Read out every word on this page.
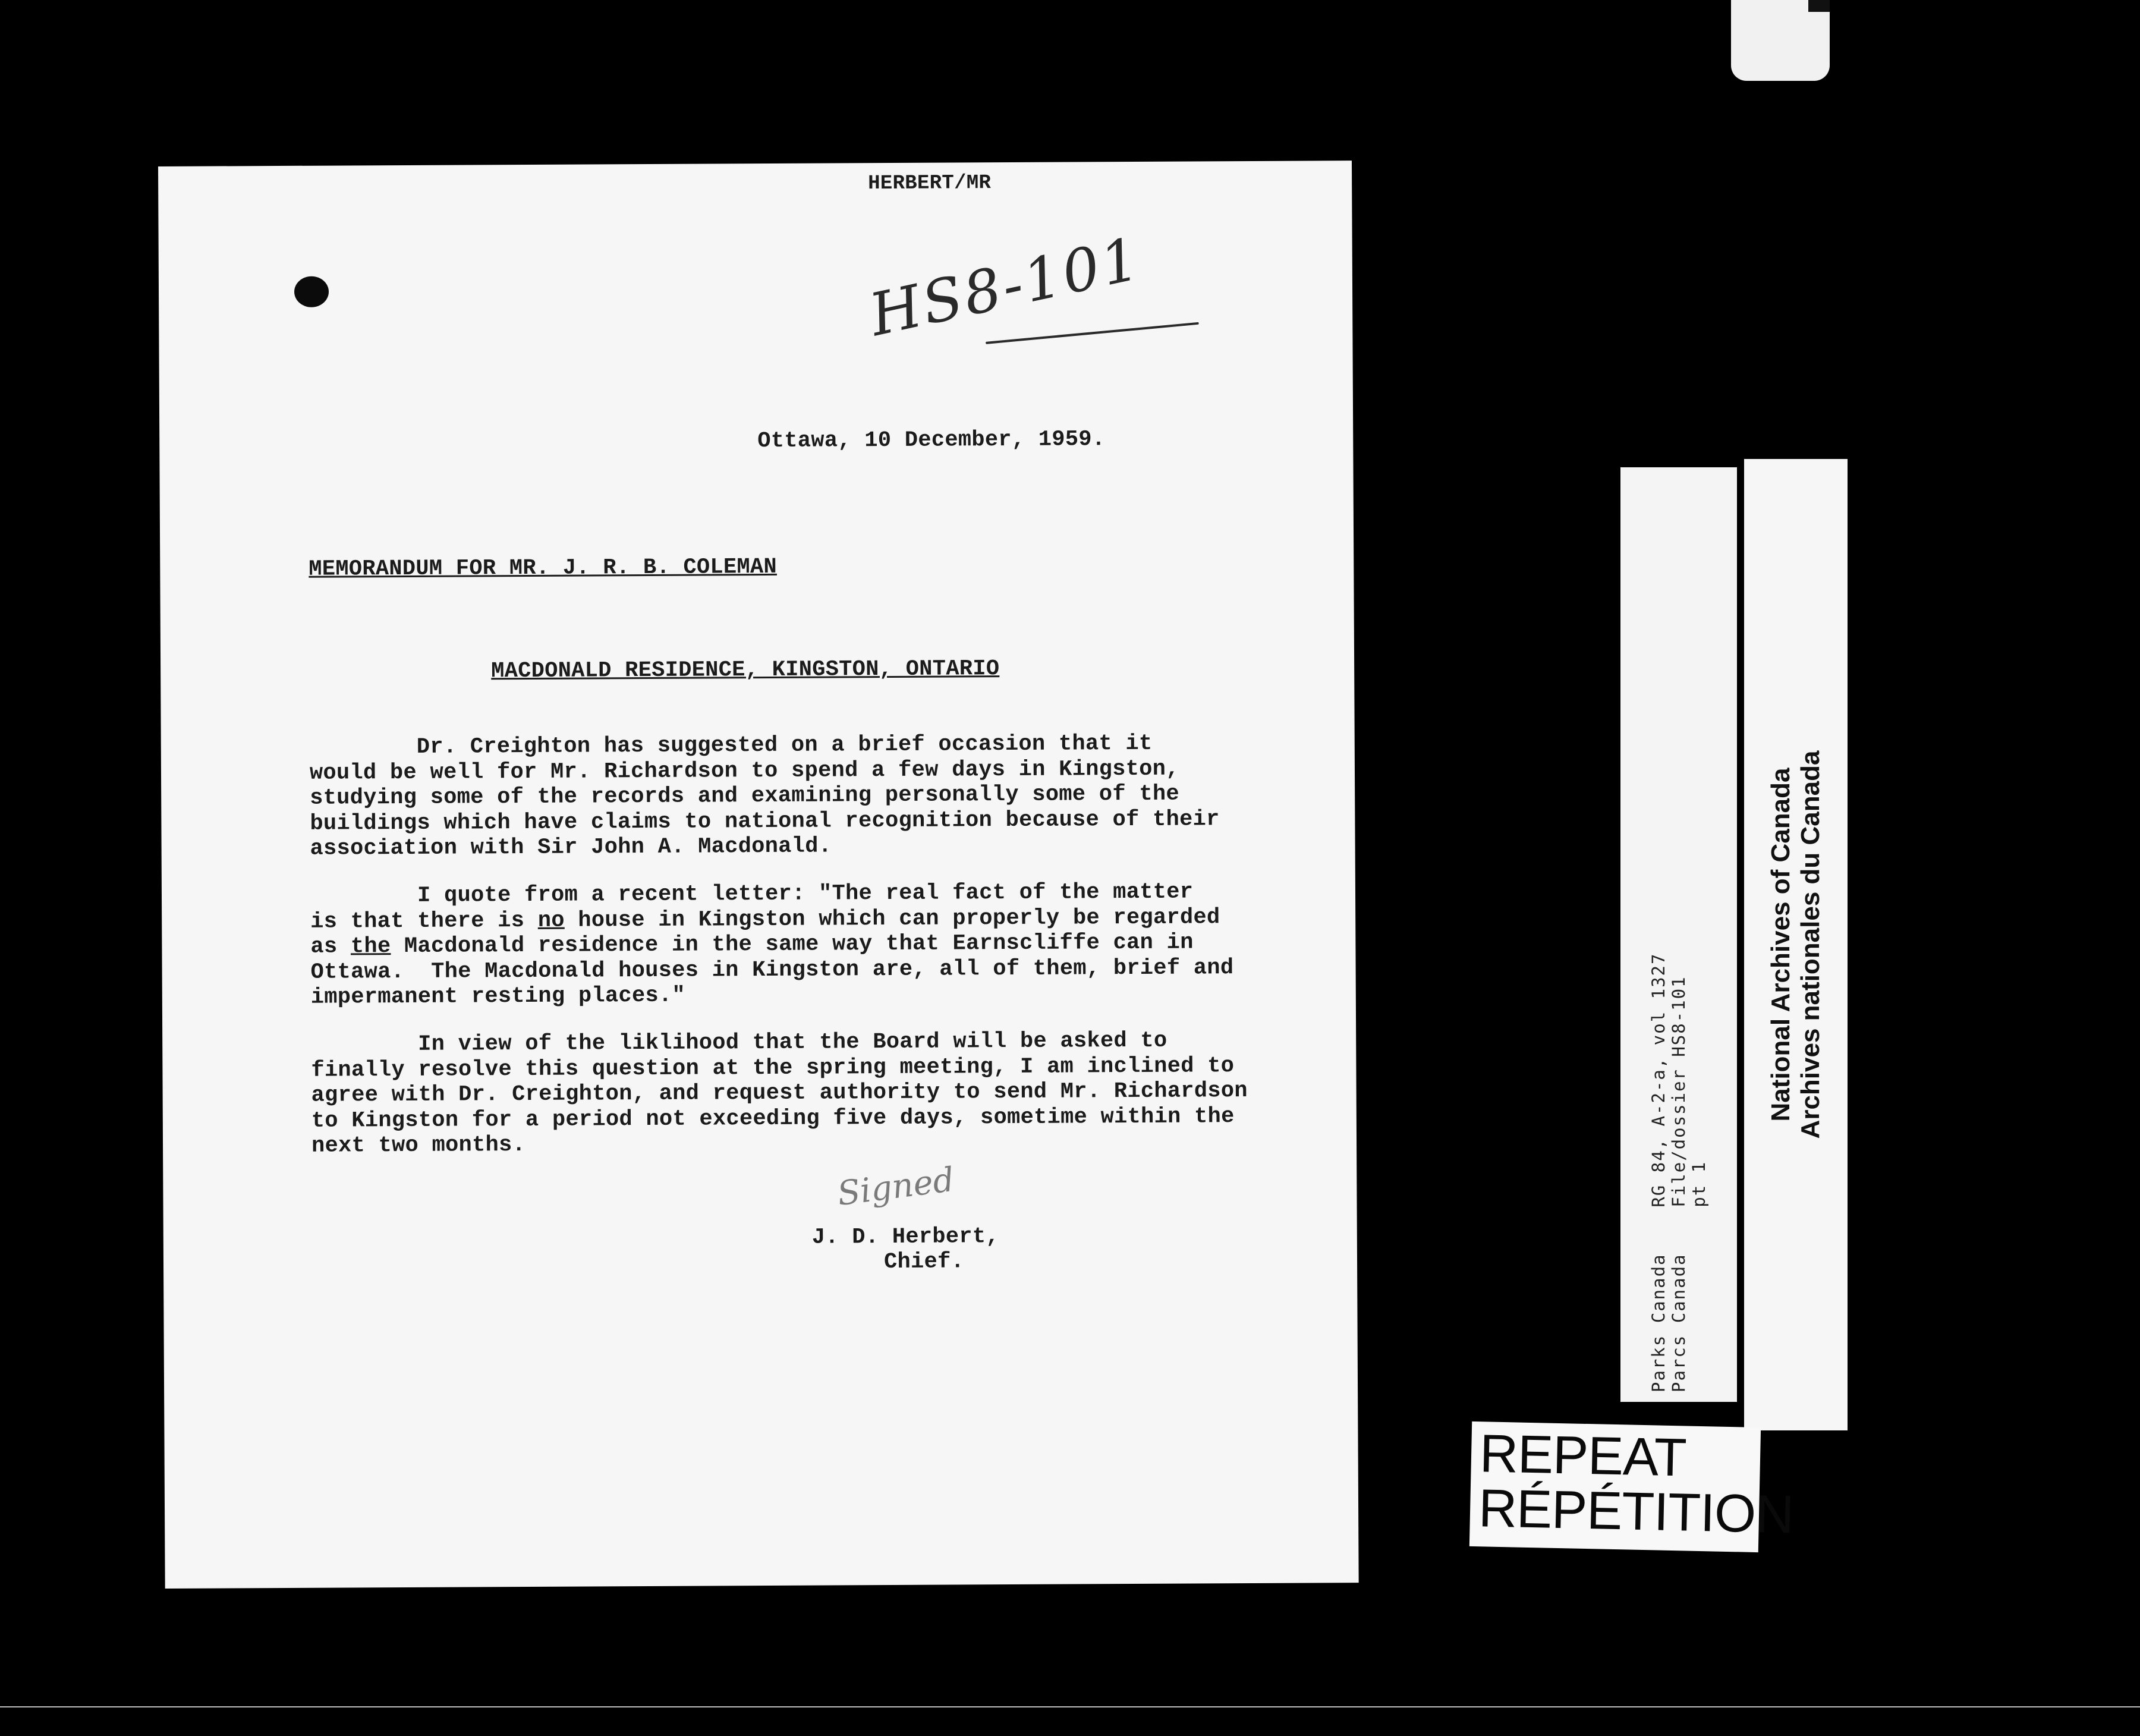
HERBERT/MR
HS8-101
Ottawa, 10 December, 1959.
MEMORANDUM FOR MR. J. R. B. COLEMAN
MACDONALD RESIDENCE, KINGSTON, ONTARIO
Dr. Creighton has suggested on a brief occasion that it
would be well for Mr. Richardson to spend a few days in Kingston,
studying some of the records and examining personally some of the
buildings which have claims to national recognition because of their
association with Sir John A. Macdonald.
I quote from a recent letter: "The real fact of the matter
is that there is no house in Kingston which can properly be regarded
as the Macdonald residence in the same way that Earnscliffe can in
Ottawa.  The Macdonald houses in Kingston are, all of them, brief and
impermanent resting places."
In view of the liklihood that the Board will be asked to
finally resolve this question at the spring meeting, I am inclined to
agree with Dr. Creighton, and request authority to send Mr. Richardson
to Kingston for a period not exceeding five days, sometime within the
next two months.
Signed
J. D. Herbert,
Chief.	Parks Canada    RG 84, A-2-a, vol 1327 Parcs Canada    File/dossier HS8-101 pt 1
National Archives of Canada Archives nationales du Canada
REPEAT
RÉPÉTITION
